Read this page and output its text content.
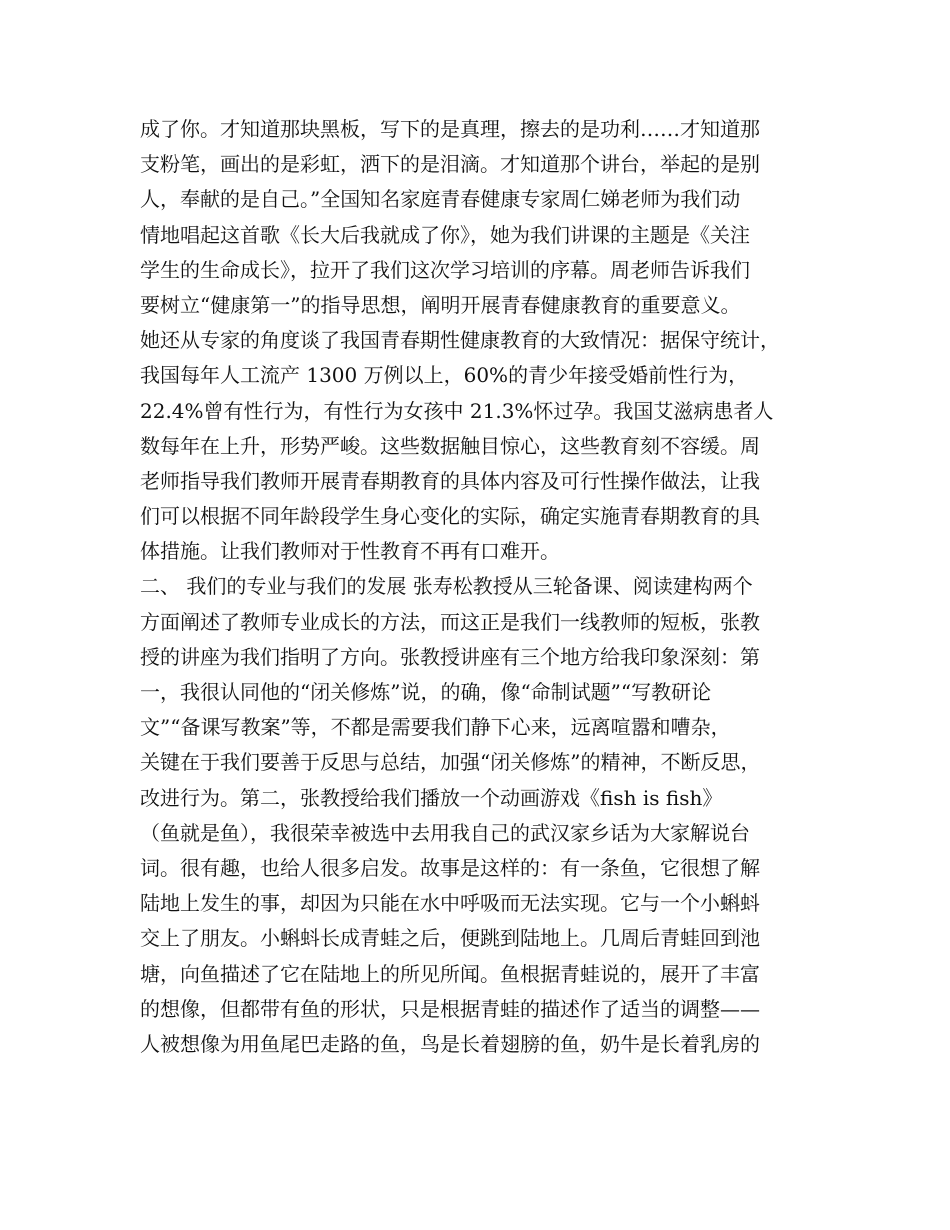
成了你。才知道那块黑板，写下的是真理，擦去的是功利……才知道那
支粉笔，画出的是彩虹，洒下的是泪滴。才知道那个讲台，举起的是别
人，奉献的是自己。”全国知名家庭青春健康专家周仁娣老师为我们动
情地唱起这首歌《长大后我就成了你》，她为我们讲课的主题是《关注
学生的生命成长》，拉开了我们这次学习培训的序幕。周老师告诉我们
要树立“健康第一”的指导思想，阐明开展青春健康教育的重要意义。
她还从专家的角度谈了我国青春期性健康教育的大致情况：据保守统计，
我国每年人工流产 1300 万例以上，60%的青少年接受婚前性行为，
22.4%曾有性行为，有性行为女孩中 21.3%怀过孕。我国艾滋病患者人
数每年在上升，形势严峻。这些数据触目惊心，这些教育刻不容缓。周
老师指导我们教师开展青春期教育的具体内容及可行性操作做法，让我
们可以根据不同年龄段学生身心变化的实际，确定实施青春期教育的具
体措施。让我们教师对于性教育不再有口难开。
二、 我们的专业与我们的发展 张寿松教授从三轮备课、阅读建构两个
方面阐述了教师专业成长的方法，而这正是我们一线教师的短板，张教
授的讲座为我们指明了方向。张教授讲座有三个地方给我印象深刻：第
一，我很认同他的“闭关修炼”说，的确，像“命制试题”“写教研论
文”“备课写教案”等，不都是需要我们静下心来，远离喧嚣和嘈杂，
关键在于我们要善于反思与总结，加强“闭关修炼”的精神，不断反思，
改进行为。第二，张教授给我们播放一个动画游戏《fish is fish》
（鱼就是鱼），我很荣幸被选中去用我自己的武汉家乡话为大家解说台
词。很有趣，也给人很多启发。故事是这样的：有一条鱼，它很想了解
陆地上发生的事，却因为只能在水中呼吸而无法实现。它与一个小蝌蚪
交上了朋友。小蝌蚪长成青蛙之后，便跳到陆地上。几周后青蛙回到池
塘，向鱼描述了它在陆地上的所见所闻。鱼根据青蛙说的，展开了丰富
的想像，但都带有鱼的形状，只是根据青蛙的描述作了适当的调整——
人被想像为用鱼尾巴走路的鱼，鸟是长着翅膀的鱼，奶牛是长着乳房的
